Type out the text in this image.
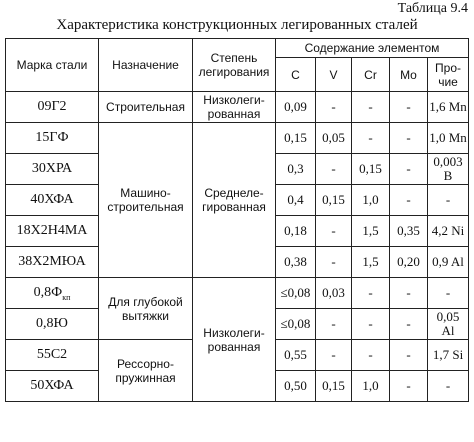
Таблица 9.4
Характеристика конструкционных легированных сталей
Марка стали	Назначение	Степень легирования	Содержание элементом				
			C	V	Cr	Mo	Про-чие
09Г2	Строительная	Низколеги-рованная	0,09	-	-	-	1,6 Mn
15ГФ	Машино-строительная	Среднеле-гированная	0,15	0,05	-	-	1,0 Mn
30ХРА			0,3	-	0,15	-	0,003 B
40ХФА			0,4	0,15	1,0	-	-
18Х2Н4МА			0,18	-	1,5	0,35	4,2 Ni
38Х2МЮА			0,38	-	1,5	0,20	0,9 Al
$0,8Ф_{кп}$	Для глубокой вытяжки	Низколеги-рованная	≤0,08	0,03	-	-	-
0,8Ю			≤0,08	-	-	-	0,05 Al
55С2	Рессорно-пружинная		0,55	-	-	-	1,7 Si
50ХФА			0,50	0,15	1,0	-	-
